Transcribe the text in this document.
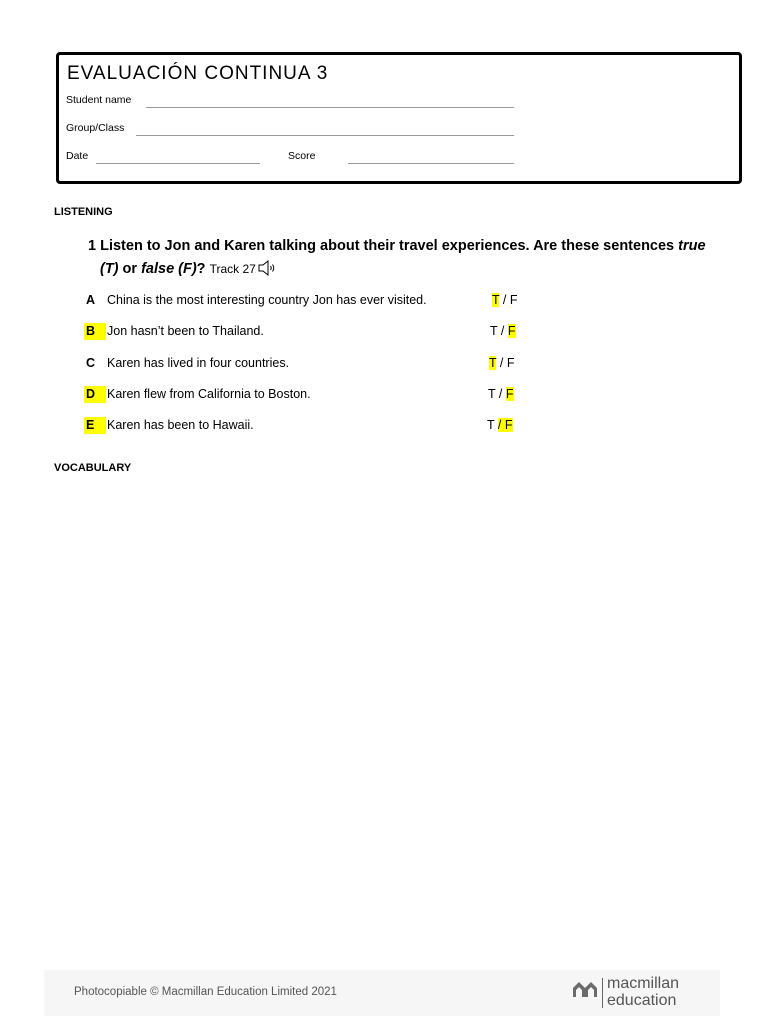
EVALUACIÓN CONTINUA 3
Student name
Group/Class
Date	Score
LISTENING
1 Listen to Jon and Karen talking about their travel experiences. Are these sentences true
(T) or false (F)? Track 27
A China is the most interesting country Jon has ever visited.	T / F
B Jon hasn’t been to Thailand.	T / F
C Karen has lived in four countries.	T / F
D Karen flew from California to Boston.	T / F
E	Karen has been to Hawaii.	T / F
VOCABULARY
Photocopiable © Macmillan Education Limited 2021	macmillan
education
